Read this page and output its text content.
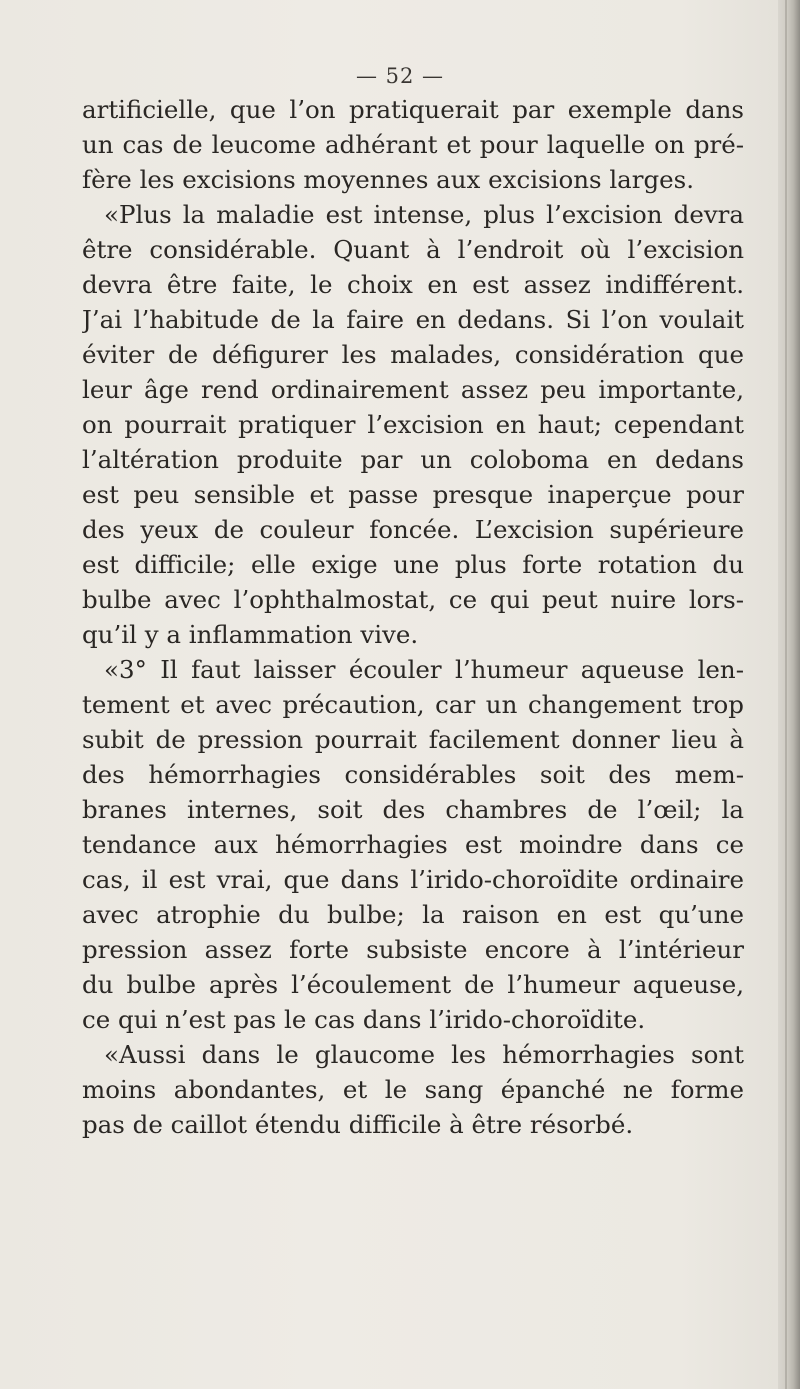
— 52 —
artificielle, que l’on pratiquerait par exemple dans
un cas de leucome adhérant et pour laquelle on pré-
fère les excisions moyennes aux excisions larges.
«Plus la maladie est intense, plus l’excision devra
être considérable. Quant à l’endroit où l’excision
devra être faite, le choix en est assez indifférent.
J’ai l’habitude de la faire en dedans. Si l’on voulait
éviter de défigurer les malades, considération que
leur âge rend ordinairement assez peu importante,
on pourrait pratiquer l’excision en haut; cependant
l’altération produite par un coloboma en dedans
est peu sensible et passe presque inaperçue pour
des yeux de couleur foncée. L’excision supérieure
est difficile; elle exige une plus forte rotation du
bulbe avec l’ophthalmostat, ce qui peut nuire lors-
qu’il y a inflammation vive.
«3° Il faut laisser écouler l’humeur aqueuse len-
tement et avec précaution, car un changement trop
subit de pression pourrait facilement donner lieu à
des hémorrhagies considérables soit des mem-
branes internes, soit des chambres de l’œil; la
tendance aux hémorrhagies est moindre dans ce
cas, il est vrai, que dans l’irido-choroïdite ordinaire
avec atrophie du bulbe; la raison en est qu’une
pression assez forte subsiste encore à l’intérieur
du bulbe après l’écoulement de l’humeur aqueuse,
ce qui n’est pas le cas dans l’irido-choroïdite.
«Aussi dans le glaucome les hémorrhagies sont
moins abondantes, et le sang épanché ne forme
pas de caillot étendu difficile à être résorbé.
